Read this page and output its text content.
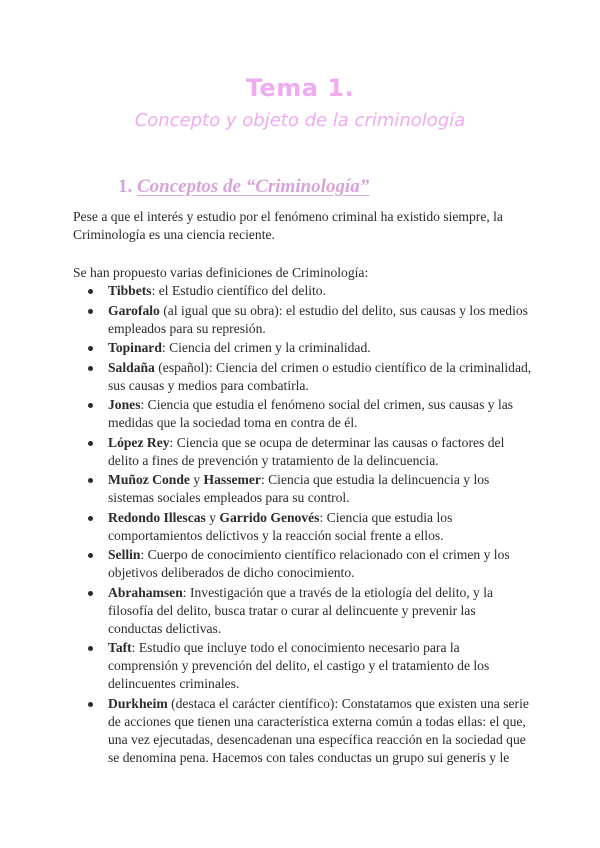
Tema 1.
Concepto y objeto de la criminología
1. Conceptos de “Criminología”
Pese a que el interés y estudio por el fenómeno criminal ha existido siempre, la Criminología es una ciencia reciente.
Se han propuesto varias definiciones de Criminología:
Tibbets: el Estudio científico del delito.
Garofalo (al igual que su obra): el estudio del delito, sus causas y los medios empleados para su represión.
Topinard: Ciencia del crimen y la criminalidad.
Saldaña (español): Ciencia del crimen o estudio científico de la criminalidad, sus causas y medios para combatirla.
Jones: Ciencia que estudia el fenómeno social del crimen, sus causas y las medidas que la sociedad toma en contra de él.
López Rey: Ciencia que se ocupa de determinar las causas o factores del delito a fines de prevención y tratamiento de la delincuencia.
Muñoz Conde y Hassemer: Ciencia que estudia la delincuencia y los sistemas sociales empleados para su control.
Redondo Illescas y Garrido Genovés: Ciencia que estudia los comportamientos delictivos y la reacción social frente a ellos.
Sellin: Cuerpo de conocimiento científico relacionado con el crimen y los objetivos deliberados de dicho conocimiento.
Abrahamsen: Investigación que a través de la etiología del delito, y la filosofía del delito, busca tratar o curar al delincuente y prevenir las conductas delictivas.
Taft: Estudio que incluye todo el conocimiento necesario para la comprensión y prevención del delito, el castigo y el tratamiento de los delincuentes criminales.
Durkheim (destaca el carácter científico): Constatamos que existen una serie de acciones que tienen una característica externa común a todas ellas: el que, una vez ejecutadas, desencadenan una específica reacción en la sociedad que se denomina pena. Hacemos con tales conductas un grupo sui generis y le
